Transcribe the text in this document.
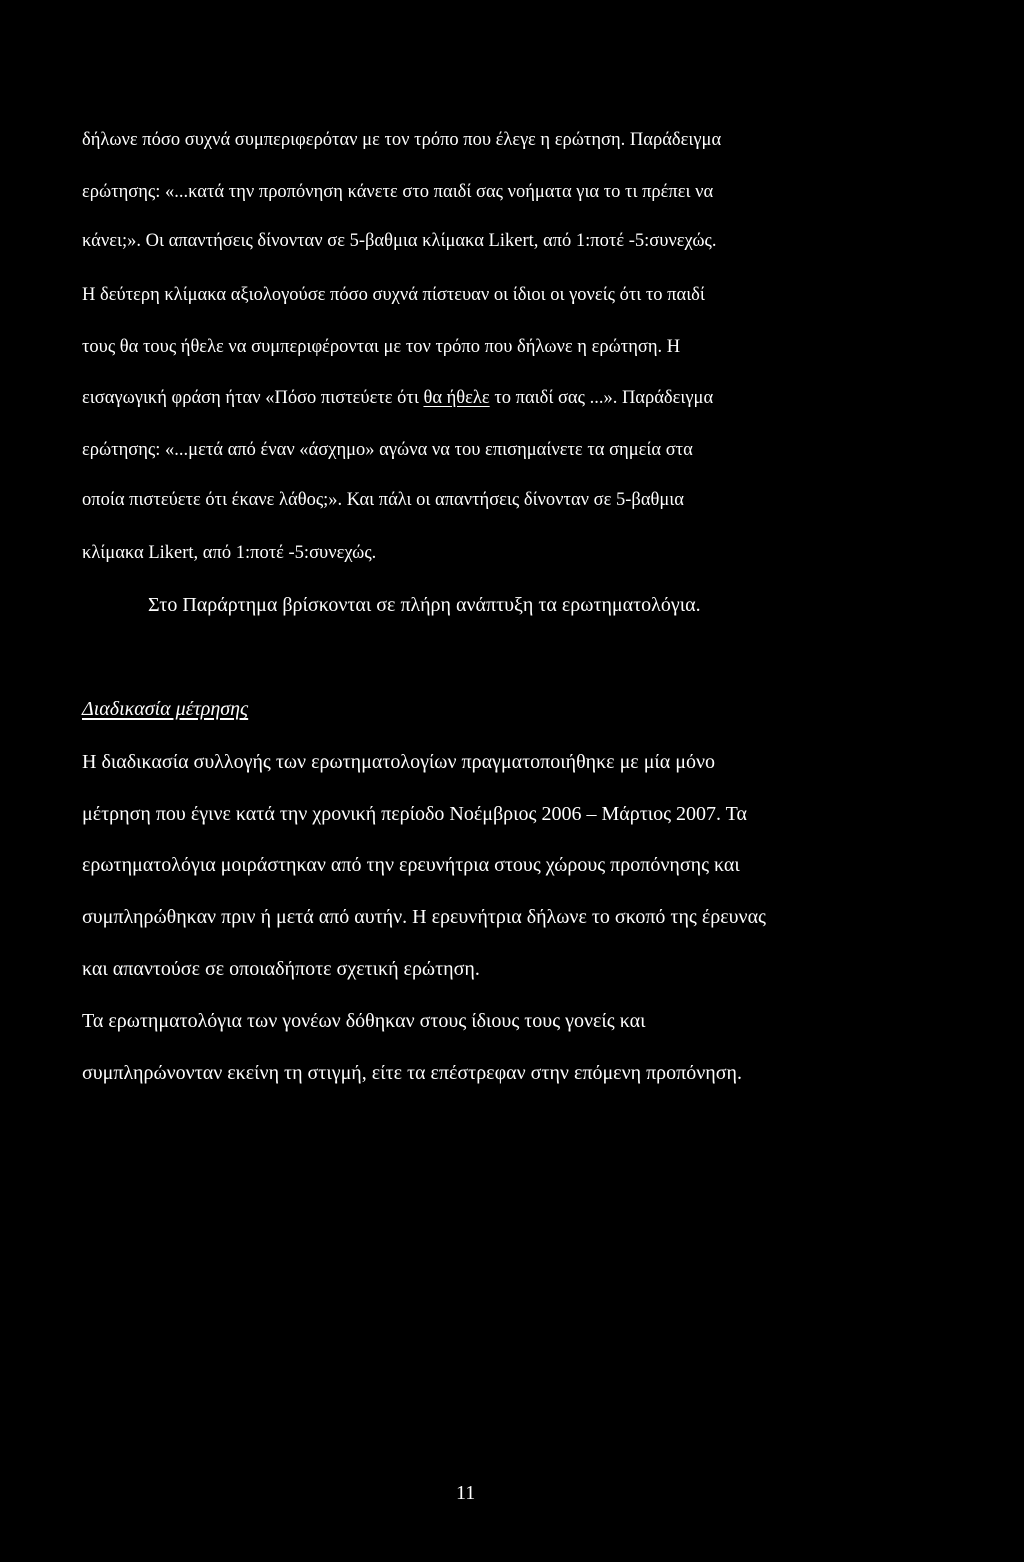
δήλωνε πόσο συχνά συμπεριφερόταν με τον τρόπο που έλεγε η ερώτηση. Παράδειγμα

ερώτησης: «...κατά την προπόνηση κάνετε στο παιδί σας νοήματα για το τι πρέπει να

κάνει;». Οι απαντήσεις δίνονταν σε 5-βαθμια κλίμακα Likert, από 1:ποτέ -5:συνεχώς.

Η δεύτερη κλίμακα αξιολογούσε πόσο συχνά πίστευαν οι ίδιοι οι γονείς ότι το παιδί

τους θα τους ήθελε να συμπεριφέρονται με τον τρόπο που δήλωνε η ερώτηση. Η

εισαγωγική φράση ήταν «Πόσο πιστεύετε ότι θα ήθελε το παιδί σας ...». Παράδειγμα

ερώτησης: «...μετά από έναν «άσχημο» αγώνα να του επισημαίνετε τα σημεία στα

οποία πιστεύετε ότι έκανε λάθος;». Και πάλι οι απαντήσεις δίνονταν σε 5-βαθμια

κλίμακα Likert, από 1:ποτέ -5:συνεχώς.

Στο Παράρτημα βρίσκονται σε πλήρη ανάπτυξη τα ερωτηματολόγια.

Διαδικασία μέτρησης

Η διαδικασία συλλογής των ερωτηματολογίων πραγματοποιήθηκε με μία μόνο

μέτρηση που έγινε κατά την χρονική περίοδο Νοέμβριος 2006 – Μάρτιος 2007. Τα

ερωτηματολόγια μοιράστηκαν από την ερευνήτρια στους χώρους προπόνησης και

συμπληρώθηκαν πριν ή μετά από αυτήν. Η ερευνήτρια δήλωνε το σκοπό της έρευνας

και απαντούσε σε οποιαδήποτε σχετική ερώτηση.

Τα ερωτηματολόγια των γονέων δόθηκαν στους ίδιους τους γονείς και

συμπληρώνονταν εκείνη τη στιγμή, είτε τα επέστρεφαν στην επόμενη προπόνηση.

11
